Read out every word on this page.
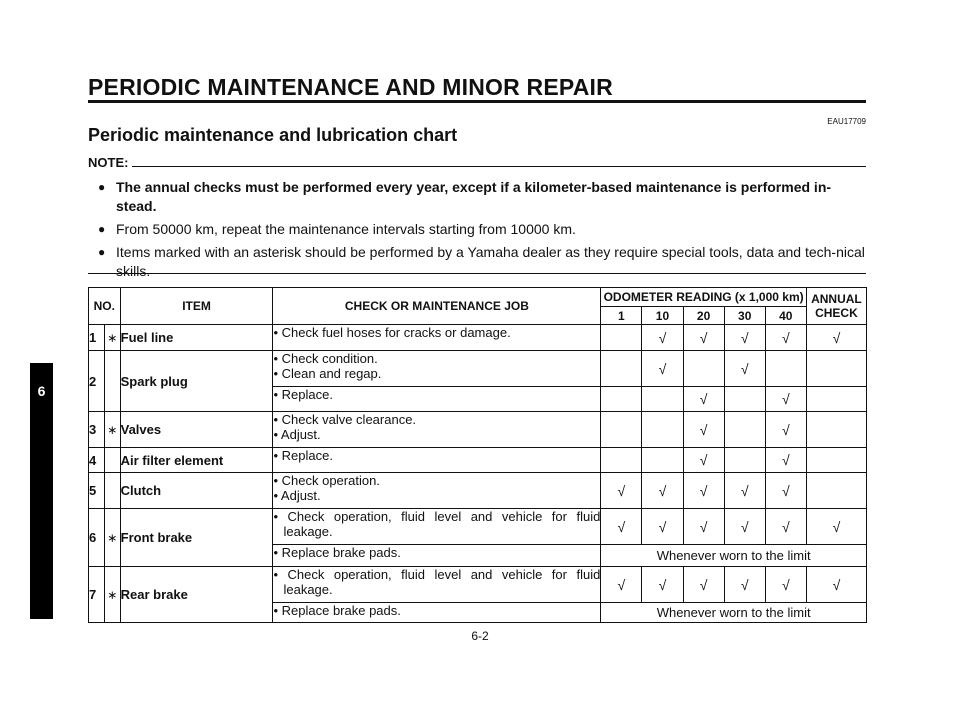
PERIODIC MAINTENANCE AND MINOR REPAIR
EAU17709
Periodic maintenance and lubrication chart
NOTE:
● The annual checks must be performed every year, except if a kilometer-based maintenance is performed in-stead.
● From 50000 km, repeat the maintenance intervals starting from 10000 km.
● Items marked with an asterisk should be performed by a Yamaha dealer as they require special tools, data and tech-nical skills.
6
NO.		ITEM	CHECK OR MAINTENANCE JOB	ODOMETER READING (x 1,000 km)					ANNUAL CHECK
				1	10	20	30	40	
1	∗	Fuel line	• Check fuel hoses for cracks or damage.		√	√	√	√	√
2		Spark plug	• Check condition.
• Clean and regap.		√		√		

			• Replace.			√		√	
3	∗	Valves	• Check valve clearance.
• Adjust.			√		√	
4		Air filter element	• Replace.			√		√	
5		Clutch	• Check operation.
• Adjust.	√	√	√	√	√	
6	∗	Front brake	• Check operation, fluid level and vehicle for fluid leakage.	√	√	√	√	√	√

			• Replace brake pads.	Whenever worn to the limit					
7	∗	Rear brake	• Check operation, fluid level and vehicle for fluid leakage.	√	√	√	√	√	√

			• Replace brake pads.	Whenever worn to the limit					
6-2
